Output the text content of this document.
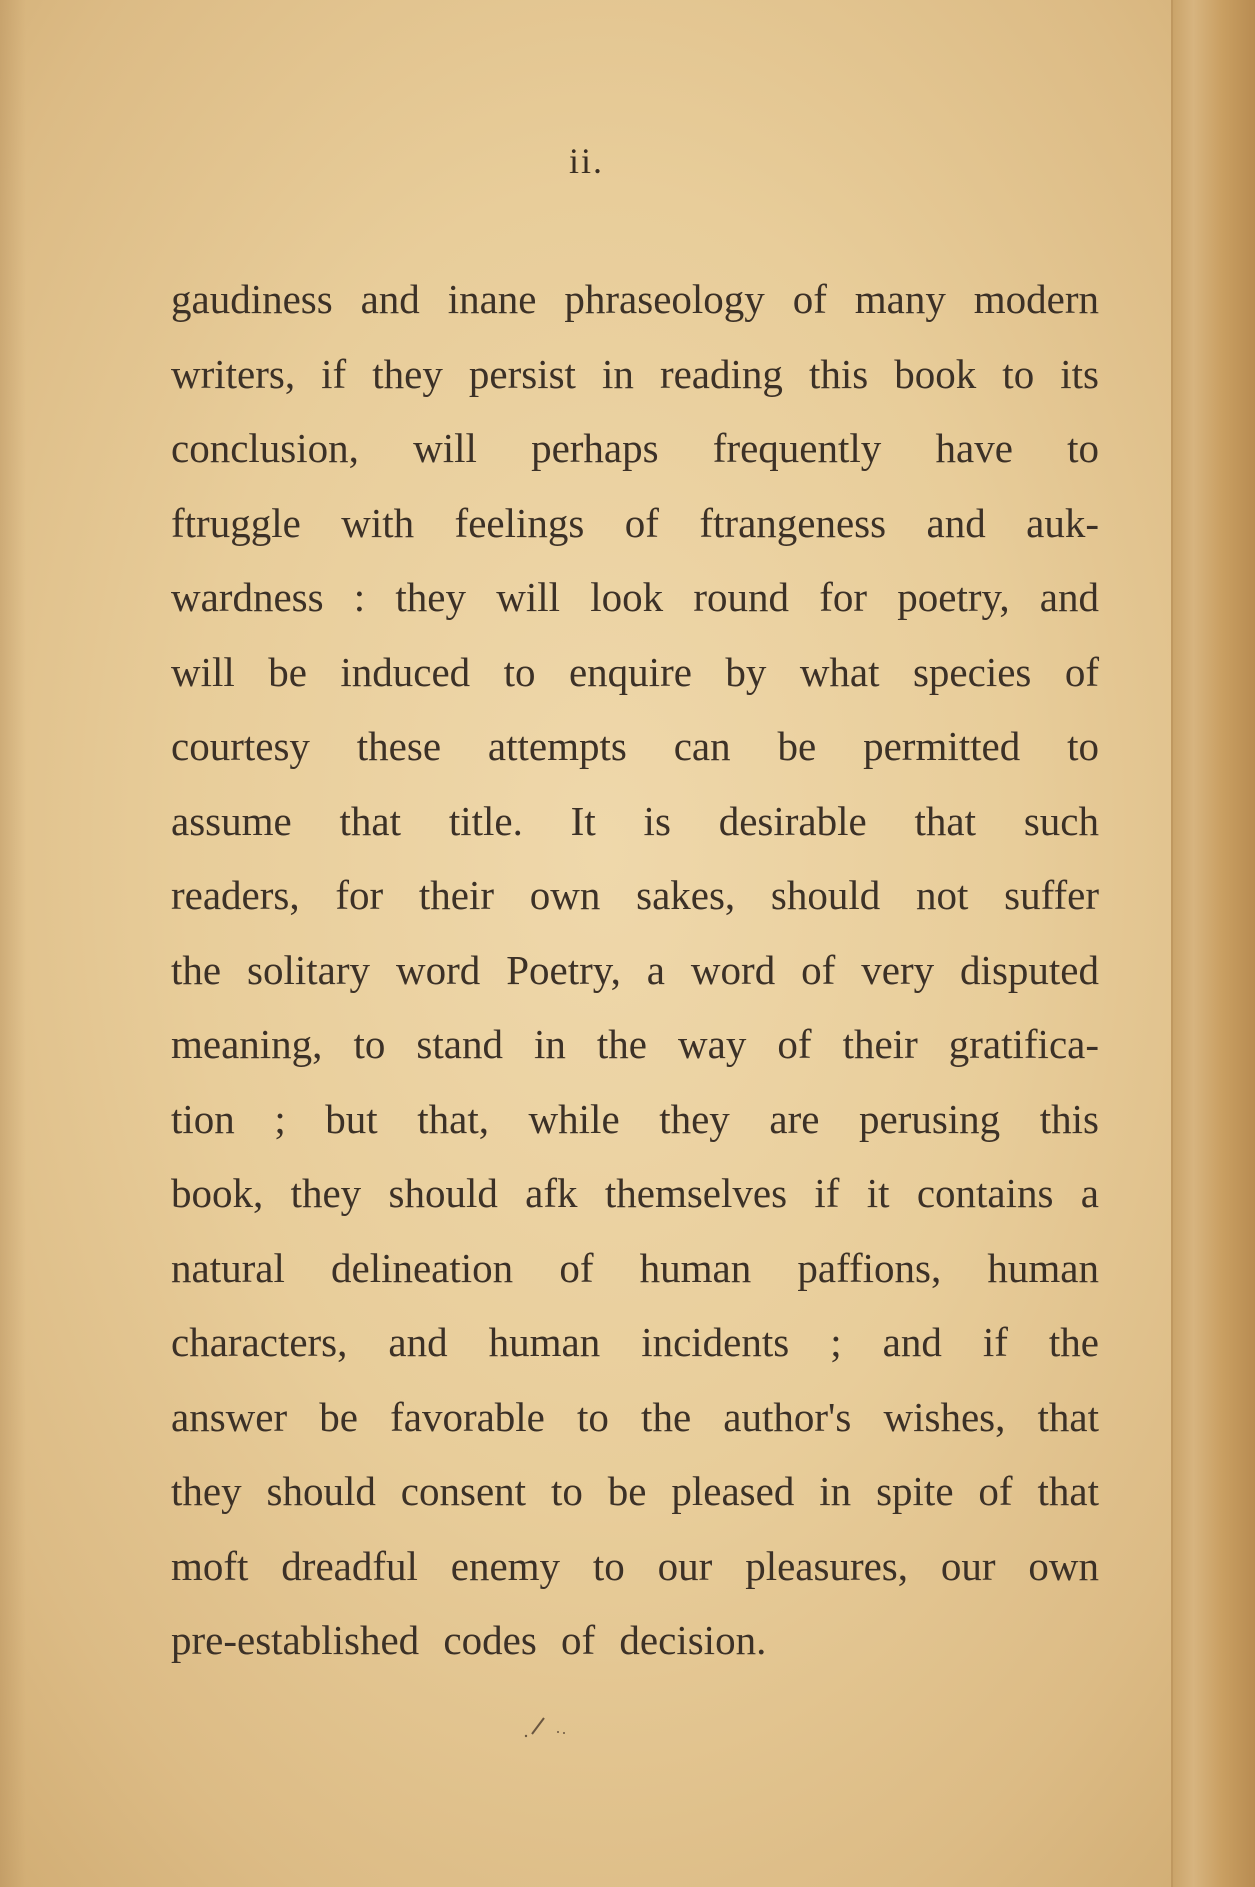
ii.
gaudiness and inane phraseology of many modern
writers, if they persist in reading this book to its
conclusion, will perhaps frequently have to
ftruggle with feelings of ftrangeness and auk-
wardness : they will look round for poetry, and
will be induced to enquire by what species of
courtesy these attempts can be permitted to
assume that title. It is desirable that such
readers, for their own sakes, should not suffer
the solitary word Poetry, a word of very disputed
meaning, to stand in the way of their gratifica-
tion ; but that, while they are perusing this
book, they should afk themselves if it contains a
natural delineation of human paffions, human
characters, and human incidents ; and if the
answer be favorable to the author's wishes, that
they should consent to be pleased in spite of that
moft dreadful enemy to our pleasures, our own
pre-established codes of decision.
